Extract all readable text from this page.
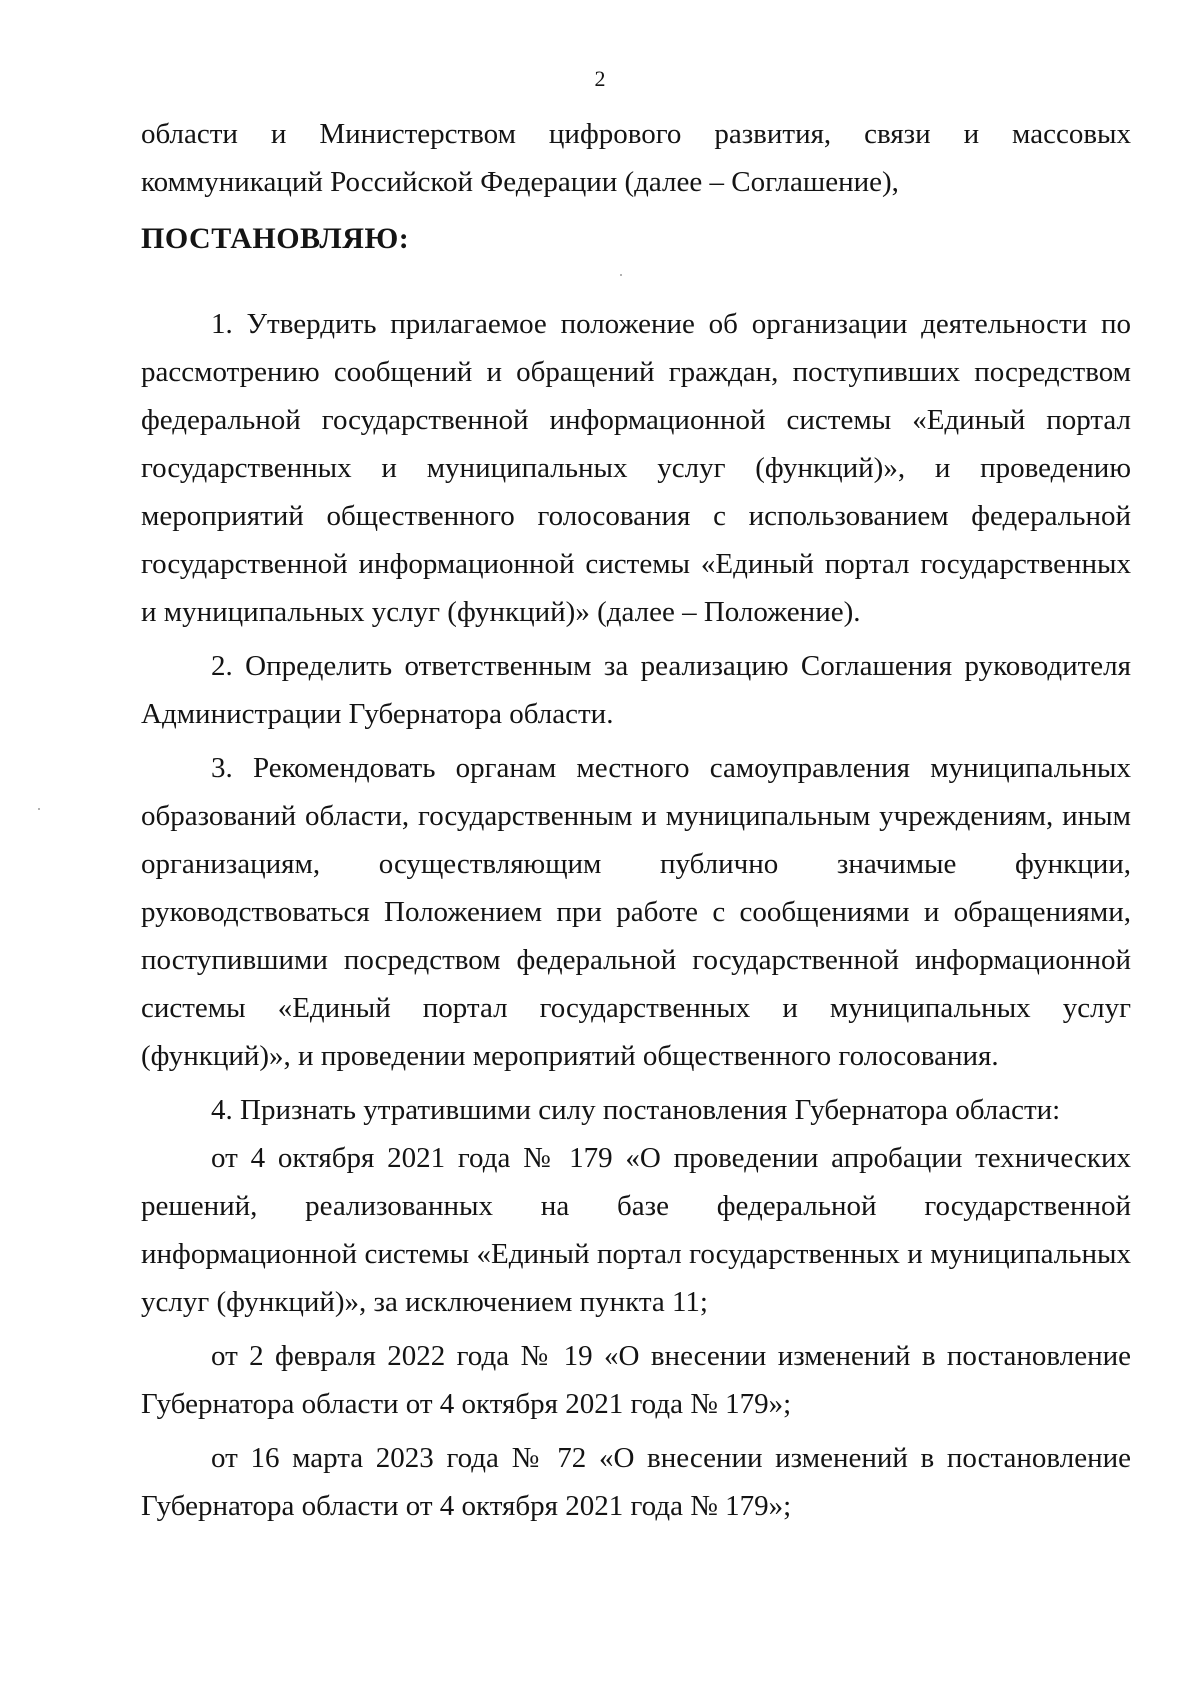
2

области и Министерством цифрового развития, связи и массовых коммуникаций Российской Федерации (далее – Соглашение),

ПОСТАНОВЛЯЮ:

1. Утвердить прилагаемое положение об организации деятельности по рассмотрению сообщений и обращений граждан, поступивших посредством федеральной государственной информационной системы «Единый портал государственных и муниципальных услуг (функций)», и проведению мероприятий общественного голосования с использованием федеральной государственной информационной системы «Единый портал государственных и муниципальных услуг (функций)» (далее – Положение).

2. Определить ответственным за реализацию Соглашения руководителя Администрации Губернатора области.

3. Рекомендовать органам местного самоуправления муниципальных образований области, государственным и муниципальным учреждениям, иным организациям, осуществляющим публично значимые функции, руководствоваться Положением при работе с сообщениями и обращениями, поступившими посредством федеральной государственной информационной системы «Единый портал государственных и муниципальных услуг (функций)», и проведении мероприятий общественного голосования.

4. Признать утратившими силу постановления Губернатора области:

от 4 октября 2021 года № 179 «О проведении апробации технических решений, реализованных на базе федеральной государственной информационной системы «Единый портал государственных и муниципальных услуг (функций)», за исключением пункта 11;

от 2 февраля 2022 года № 19 «О внесении изменений в постановление Губернатора области от 4 октября 2021 года № 179»;

от 16 марта 2023 года № 72 «О внесении изменений в постановление Губернатора области от 4 октября 2021 года № 179»;
